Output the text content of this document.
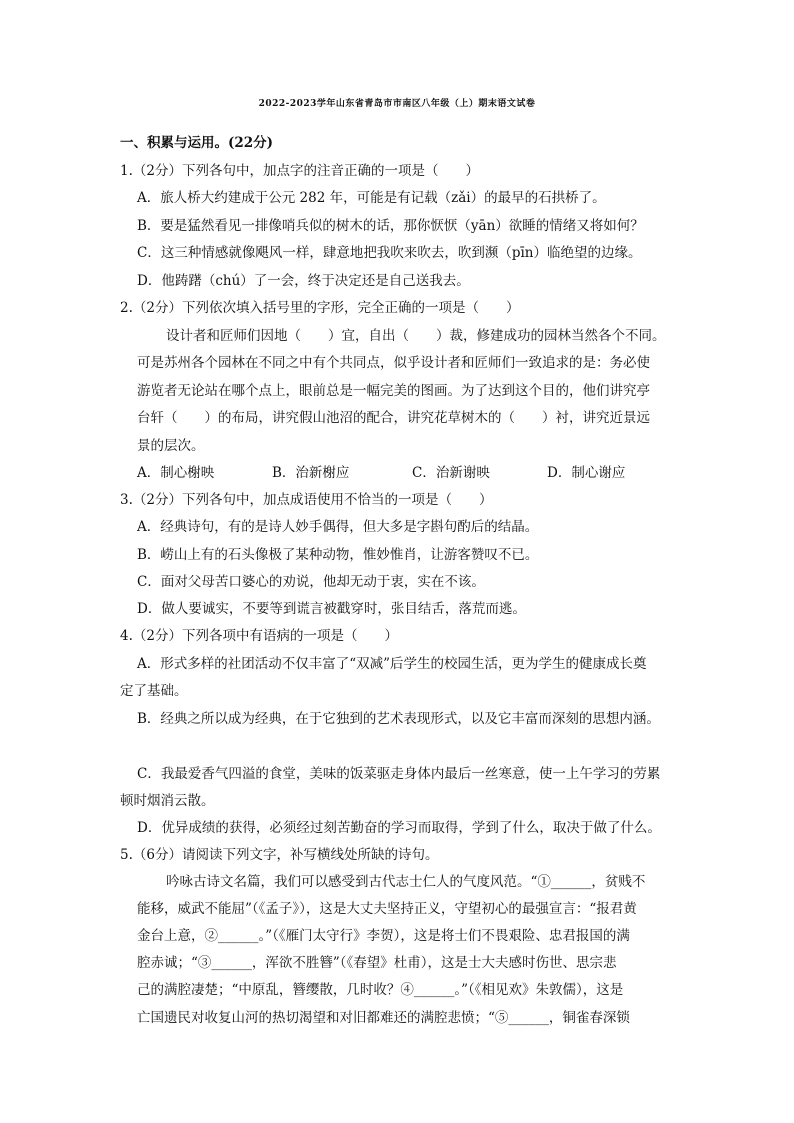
2022-2023学年山东省青岛市市南区八年级（上）期末语文试卷
一、积累与运用。(22分)
1.（2分）下列各句中，加点字的注音正确的一项是（　　）
A．旅人桥大约建成于公元 282 年，可能是有记载（zǎi）的最早的石拱桥了。
B．要是猛然看见一排像哨兵似的树木的话，那你恹恹（yān）欲睡的情绪又将如何？
C．这三种情感就像飓风一样，肆意地把我吹来吹去，吹到濒（pīn）临绝望的边缘。
D．他踌躇（chú）了一会，终于决定还是自己送我去。
2.（2分）下列依次填入括号里的字形，完全正确的一项是（　　）
设计者和匠师们因地（　　）宜，自出（　　）裁，修建成功的园林当然各个不同。
可是苏州各个园林在不同之中有个共同点，似乎设计者和匠师们一致追求的是：务必使
游览者无论站在哪个点上，眼前总是一幅完美的图画。为了达到这个目的，他们讲究亭
台轩（　　）的布局，讲究假山池沼的配合，讲究花草树木的（　　）衬，讲究近景远
景的层次。
A．制心榭映	B．治新榭应	C．治新谢映	D．制心谢应
3.（2分）下列各句中，加点成语使用不恰当的一项是（　　）
A．经典诗句，有的是诗人妙手偶得，但大多是字斟句酌后的结晶。
B．崂山上有的石头像极了某种动物，惟妙惟肖，让游客赞叹不已。
C．面对父母苦口婆心的劝说，他却无动于衷，实在不该。
D．做人要诚实，不要等到谎言被戳穿时，张目结舌，落荒而逃。
4.（2分）下列各项中有语病的一项是（　　）
A．形式多样的社团活动不仅丰富了“双减”后学生的校园生活，更为学生的健康成长奠
定了基础。
B．经典之所以成为经典，在于它独到的艺术表现形式，以及它丰富而深刻的思想内涵。
C．我最爱香气四溢的食堂，美味的饭菜驱走身体内最后一丝寒意，使一上午学习的劳累
顿时烟消云散。
D．优异成绩的获得，必须经过刻苦勤奋的学习而取得，学到了什么，取决于做了什么。
5.（6分）请阅读下列文字，补写横线处所缺的诗句。
吟咏古诗文名篇，我们可以感受到古代志士仁人的气度风范。“①______，贫贱不
能移，威武不能屈”（《孟子》），这是大丈夫坚持正义，守望初心的最强宣言：“报君黄
金台上意，②______。”（《雁门太守行》李贺），这是将士们不畏艰险、忠君报国的满
腔赤诚；“③______，浑欲不胜簪”（《春望》杜甫），这是士大夫感时伤世、思宗悲
己的满腔凄楚；“中原乱，簪缨散，几时收？④______。”（《相见欢》朱敦儒），这是
亡国遗民对收复山河的热切渴望和对旧都难还的满腔悲愤；“⑤______，铜雀春深锁
